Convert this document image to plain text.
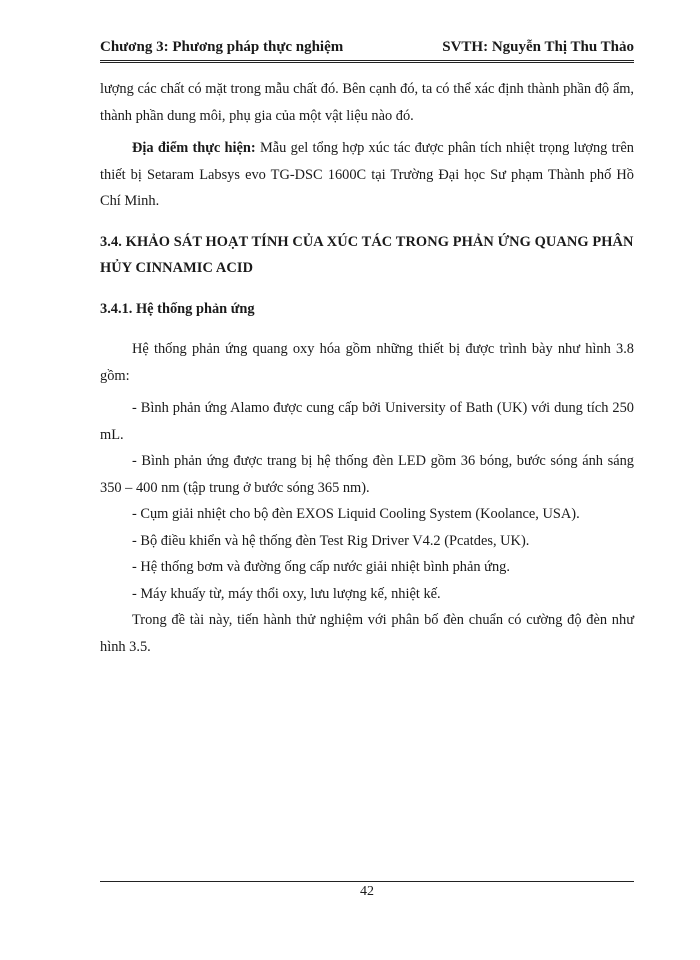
Chương 3: Phương pháp thực nghiệm	SVTH: Nguyễn Thị Thu Thảo

lượng các chất có mặt trong mẫu chất đó. Bên cạnh đó, ta có thể xác định thành phần độ ẩm, thành phần dung môi, phụ gia của một vật liệu nào đó.

Địa điểm thực hiện: Mẫu gel tổng hợp xúc tác được phân tích nhiệt trọng lượng trên thiết bị Setaram Labsys evo TG-DSC 1600C tại Trường Đại học Sư phạm Thành phố Hồ Chí Minh.

3.4. KHẢO SÁT HOẠT TÍNH CỦA XÚC TÁC TRONG PHẢN ỨNG QUANG PHÂN HỦY CINNAMIC ACID

3.4.1. Hệ thống phản ứng

Hệ thống phản ứng quang oxy hóa gồm những thiết bị được trình bày như hình 3.8 gồm:

- Bình phản ứng Alamo được cung cấp bởi University of Bath (UK) với dung tích 250 mL.

- Bình phản ứng được trang bị hệ thống đèn LED gồm 36 bóng, bước sóng ánh sáng 350 – 400 nm (tập trung ở bước sóng 365 nm).

- Cụm giải nhiệt cho bộ đèn EXOS Liquid Cooling System (Koolance, USA).

- Bộ điều khiển và hệ thống đèn Test Rig Driver V4.2 (Pcatdes, UK).

- Hệ thống bơm và đường ống cấp nước giải nhiệt bình phản ứng.

- Máy khuấy từ, máy thổi oxy, lưu lượng kế, nhiệt kế.

Trong đề tài này, tiến hành thử nghiệm với phân bố đèn chuẩn có cường độ đèn như hình 3.5.

42
